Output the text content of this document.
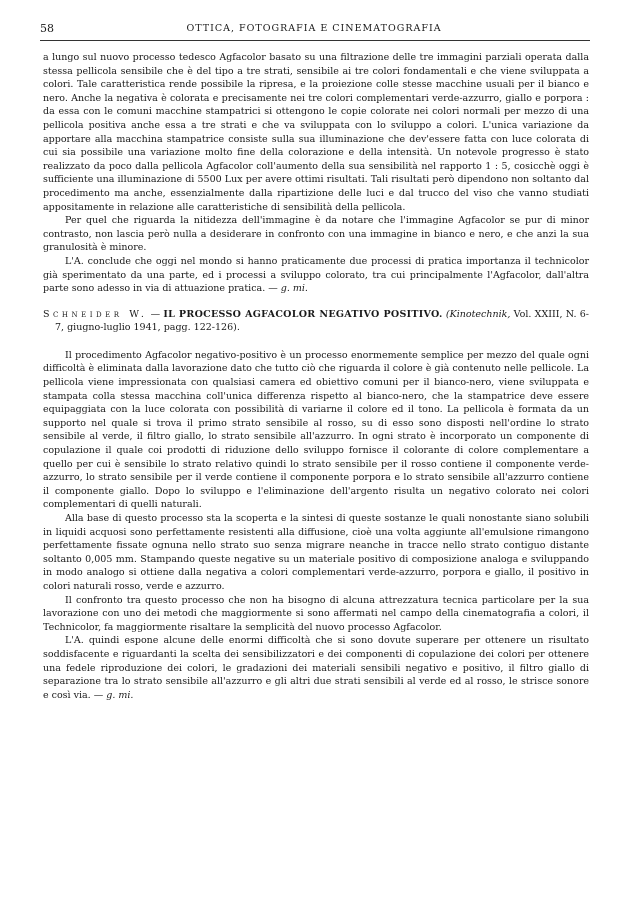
58	OTTICA, FOTOGRAFIA E CINEMATOGRAFIA

a lungo sul nuovo processo tedesco Agfacolor basato su una filtrazione delle tre immagini parziali operata dalla stessa pellicola sensibile che è del tipo a tre strati, sensibile ai tre colori fondamentali e che viene sviluppata a colori. Tale caratteristica rende possibile la ripresa, e la proiezione colle stesse macchine usuali per il bianco e nero. Anche la negativa è colorata e precisamente nei tre colori complementari verde-azzurro, giallo e porpora : da essa con le comuni macchine stampatrici si ottengono le copie colorate nei colori normali per mezzo di una pellicola positiva anche essa a tre strati e che va sviluppata con lo sviluppo a colori. L'unica variazione da apportare alla macchina stampatrice consiste sulla sua illuminazione che dev'essere fatta con luce colorata di cui sia possibile una variazione molto fine della colorazione e della intensità. Un notevole progresso è stato realizzato da poco dalla pellicola Agfacolor coll'aumento della sua sensibilità nel rapporto 1 : 5, cosicchè oggi è sufficiente una illuminazione di 5500 Lux per avere ottimi risultati. Tali risultati però dipendono non soltanto dal procedimento ma anche, essenzialmente dalla ripartizione delle luci e dal trucco del viso che vanno studiati appositamente in relazione alle caratteristiche di sensibilità della pellicola.

Per quel che riguarda la nitidezza dell'immagine è da notare che l'immagine Agfacolor se pur di minor contrasto, non lascia però nulla a desiderare in confronto con una immagine in bianco e nero, e che anzi la sua granulosità è minore.

L'A. conclude che oggi nel mondo si hanno praticamente due processi di pratica importanza il technicolor già sperimentato da una parte, ed i processi a sviluppo colorato, tra cui principalmente l'Agfacolor, dall'altra parte sono adesso in via di attuazione pratica. — g. mi.

Schneider W. — IL PROCESSO AGFACOLOR NEGATIVO POSITIVO. (Kinotechnik, Vol. XXIII, N. 6-7, giugno-luglio 1941, pagg. 122-126).

Il procedimento Agfacolor negativo-positivo è un processo enormemente semplice per mezzo del quale ogni difficoltà è eliminata dalla lavorazione dato che tutto ciò che riguarda il colore è già contenuto nelle pellicole. La pellicola viene impressionata con qualsiasi camera ed obiettivo comuni per il bianco-nero, viene sviluppata e stampata colla stessa macchina coll'unica differenza rispetto al bianco-nero, che la stampatrice deve essere equipaggiata con la luce colorata con possibilità di variarne il colore ed il tono. La pellicola è formata da un supporto nel quale si trova il primo strato sensibile al rosso, su di esso sono disposti nell'ordine lo strato sensibile al verde, il filtro giallo, lo strato sensibile all'azzurro. In ogni strato è incorporato un componente di copulazione il quale coi prodotti di riduzione dello sviluppo fornisce il colorante di colore complementare a quello per cui è sensibile lo strato relativo quindi lo strato sensibile per il rosso contiene il componente verde-azzurro, lo strato sensibile per il verde contiene il componente porpora e lo strato sensibile all'azzurro contiene il componente giallo. Dopo lo sviluppo e l'eliminazione dell'argento risulta un negativo colorato nei colori complementari di quelli naturali.

Alla base di questo processo sta la scoperta e la sintesi di queste sostanze le quali nonostante siano solubili in liquidi acquosi sono perfettamente resistenti alla diffusione, cioè una volta aggiunte all'emulsione rimangono perfettamente fissate ognuna nello strato suo senza migrare neanche in tracce nello strato contiguo distante soltanto 0,005 mm. Stampando queste negative su un materiale positivo di composizione analoga e sviluppando in modo analogo si ottiene dalla negativa a colori complementari verde-azzurro, porpora e giallo, il positivo in colori naturali rosso, verde e azzurro.

Il confronto tra questo processo che non ha bisogno di alcuna attrezzatura tecnica particolare per la sua lavorazione con uno dei metodi che maggiormente si sono affermati nel campo della cinematografia a colori, il Technicolor, fa maggiormente risaltare la semplicità del nuovo processo Agfacolor.

L'A. quindi espone alcune delle enormi difficoltà che si sono dovute superare per ottenere un risultato soddisfacente e riguardanti la scelta dei sensibilizzatori e dei componenti di copulazione dei colori per ottenere una fedele riproduzione dei colori, le gradazioni dei materiali sensibili negativo e positivo, il filtro giallo di separazione tra lo strato sensibile all'azzurro e gli altri due strati sensibili al verde ed al rosso, le strisce sonore e così via. — g. mi.
